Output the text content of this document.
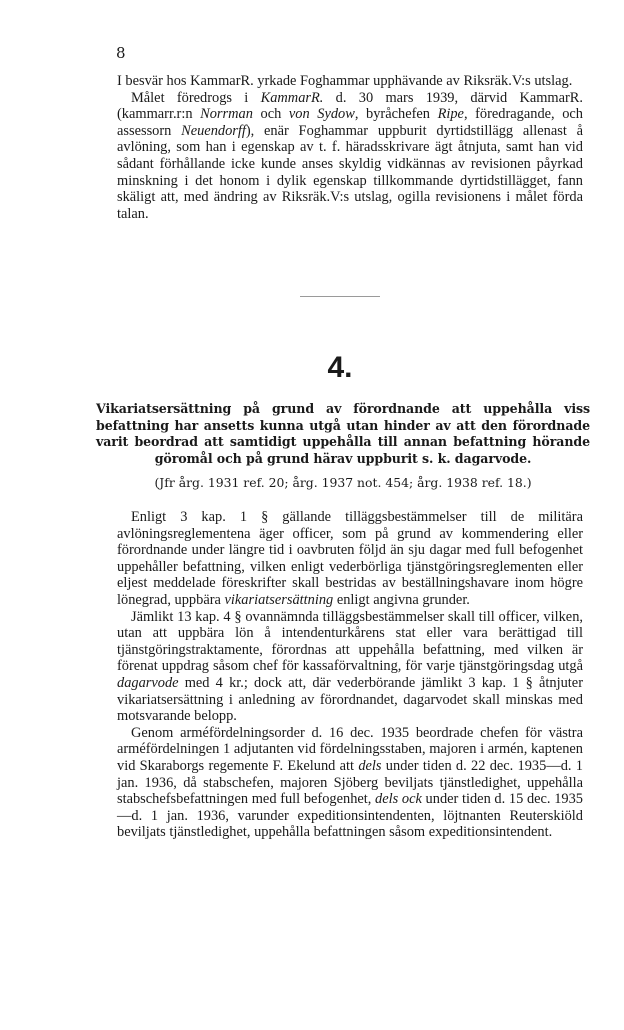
8

I besvär hos KammarR. yrkade Foghammar upphävande av Riksräk.V:s utslag.

Målet föredrogs i KammarR. d. 30 mars 1939, därvid KammarR. (kammarr.r:n Norrman och von Sydow, byråchefen Ripe, föredragande, och assessorn Neuendorff), enär Foghammar uppburit dyrtidstillägg allenast å avlöning, som han i egenskap av t. f. häradsskrivare ägt åtnjuta, samt han vid sådant förhållande icke kunde anses skyldig vidkännas av revisionen påyrkad minskning i det honom i dylik egenskap tillkommande dyrtidstillägget, fann skäligt att, med ändring av Riksräk.V:s utslag, ogilla revisionens i målet förda talan.

4.
Vikariatsersättning på grund av förordnande att uppehålla viss befattning har ansetts kunna utgå utan hinder av att den förordnade varit beordrad att samtidigt uppehålla till annan befattning hörande göromål och på grund härav uppburit s. k. dagarvode.
(Jfr årg. 1931 ref. 20; årg. 1937 not. 454; årg. 1938 ref. 18.)

Enligt 3 kap. 1 § gällande tilläggsbestämmelser till de militära avlöningsreglementena äger officer, som på grund av kommendering eller förordnande under längre tid i oavbruten följd än sju dagar med full befogenhet uppehåller befattning, vilken enligt vederbörliga tjänstgöringsreglementen eller eljest meddelade föreskrifter skall bestridas av beställningshavare inom högre lönegrad, uppbära vikariatsersättning enligt angivna grunder.

Jämlikt 13 kap. 4 § ovannämnda tilläggsbestämmelser skall till officer, vilken, utan att uppbära lön å intendenturkårens stat eller vara berättigad till tjänstgöringstraktamente, förordnas att uppehålla befattning, med vilken är förenat uppdrag såsom chef för kassaförvaltning, för varje tjänstgöringsdag utgå dagarvode med 4 kr.; dock att, där vederbörande jämlikt 3 kap. 1 § åtnjuter vikariatsersättning i anledning av förordnandet, dagarvodet skall minskas med motsvarande belopp.

Genom arméfördelningsorder d. 16 dec. 1935 beordrade chefen för västra arméfördelningen 1 adjutanten vid fördelningsstaben, majoren i armén, kaptenen vid Skaraborgs regemente F. Ekelund att dels under tiden d. 22 dec. 1935—d. 1 jan. 1936, då stabschefen, majoren Sjöberg beviljats tjänstledighet, uppehålla stabschefsbefattningen med full befogenhet, dels ock under tiden d. 15 dec. 1935—d. 1 jan. 1936, varunder expeditionsintendenten, löjtnanten Reuterskiöld beviljats tjänstledighet, uppehålla befattningen såsom expeditionsintendent.
